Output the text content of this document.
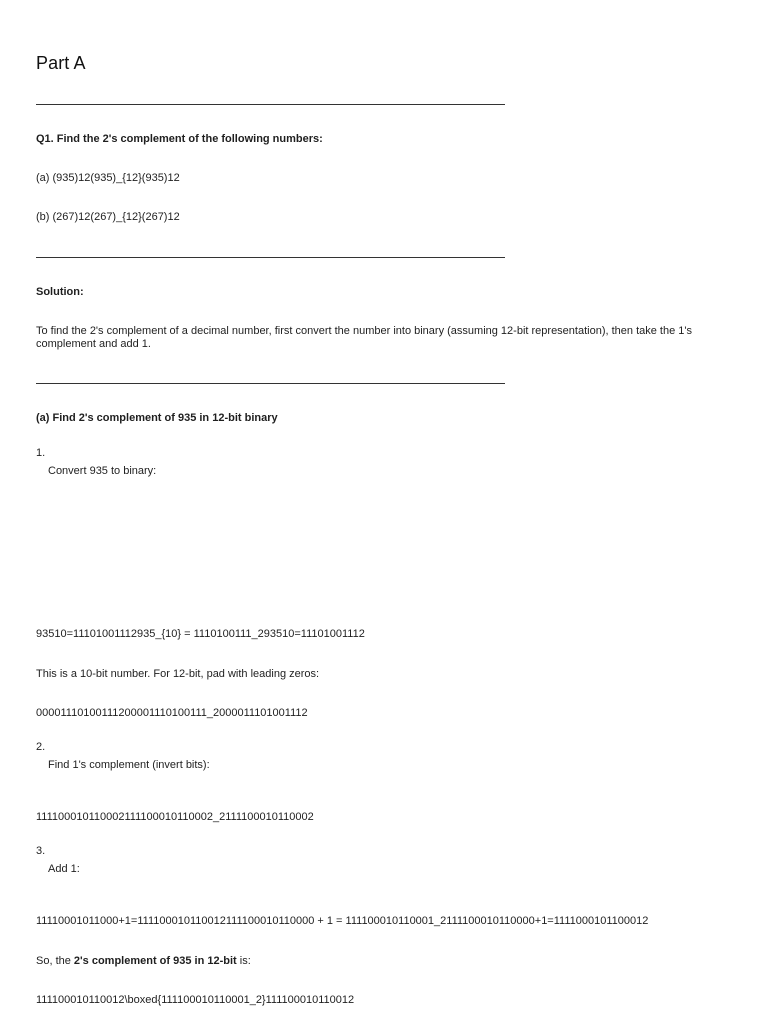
Part A
Q1. Find the 2's complement of the following numbers:
(a) (935)12(935)_{12}(935)12
(b) (267)12(267)_{12}(267)12
Solution:
To find the 2's complement of a decimal number, first convert the number into binary (assuming 12-bit representation), then take the 1's complement and add 1.
(a) Find 2's complement of 935 in 12-bit binary
1.
Convert 935 to binary:
93510=11101001112935_{10} = 1110100111_293510=11101001112
This is a 10-bit number. For 12-bit, pad with leading zeros:
00001110100111200001110100111_2000011101001112
2.
Find 1's complement (invert bits):
111100010110002111100010110002_2111100010110002
3.
Add 1:
11110001011000+1=111100010110012111100010110000 + 1 = 111100010110001_2111100010110000+1=1111000101100012
So, the 2's complement of 935 in 12-bit is:
111100010110012\boxed{111100010110001_2}111100010110012
